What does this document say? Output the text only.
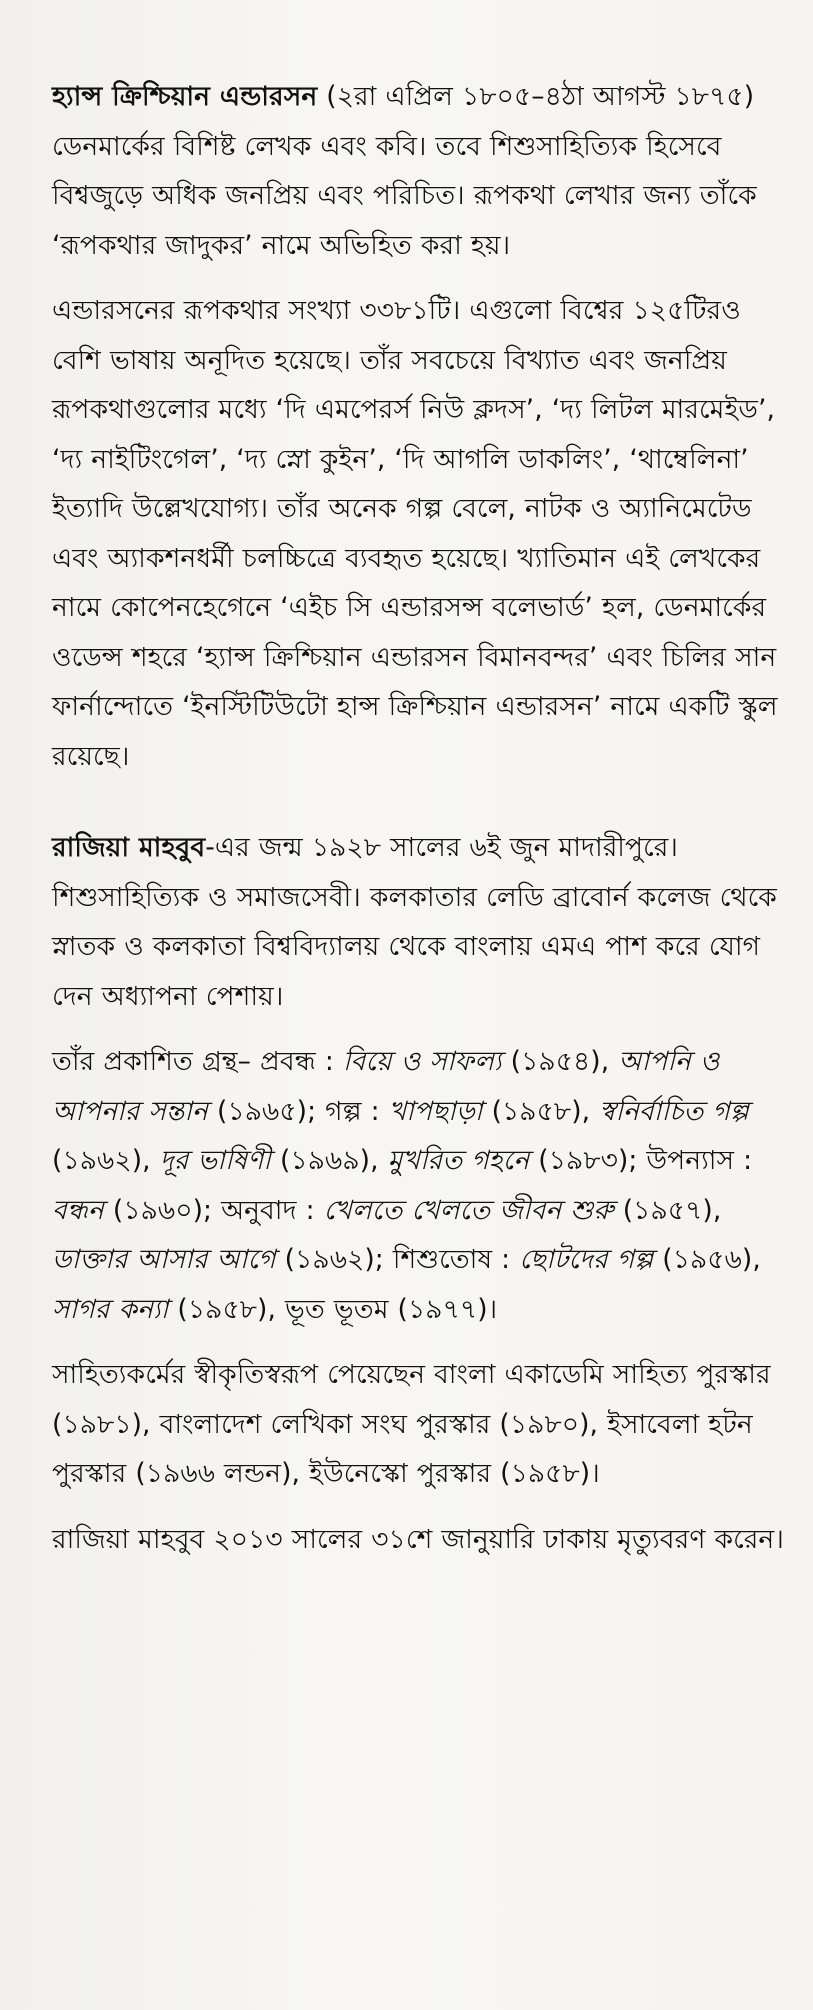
হ্যান্স ক্রিশ্চিয়ান এন্ডারসন (২রা এপ্রিল ১৮০৫–৪ঠা আগস্ট ১৮৭৫) ডেনমার্কের বিশিষ্ট লেখক এবং কবি। তবে শিশুসাহিত্যিক হিসেবে বিশ্বজুড়ে অধিক জনপ্রিয় এবং পরিচিত। রূপকথা লেখার জন্য তাঁকে ‘রূপকথার জাদুকর’ নামে অভিহিত করা হয়।

এন্ডারসনের রূপকথার সংখ্যা ৩৩৮১টি। এগুলো বিশ্বের ১২৫টিরও বেশি ভাষায় অনূদিত হয়েছে। তাঁর সবচেয়ে বিখ্যাত এবং জনপ্রিয় রূপকথাগুলোর মধ্যে ‘দি এমপেরর্স নিউ ক্লদস’, ‘দ্য লিটল মারমেইড’, ‘দ্য নাইটিংগেল’, ‘দ্য স্নো কুইন’, ‘দি আগলি ডাকলিং’, ‘থাম্বেলিনা’ ইত্যাদি উল্লেখযোগ্য। তাঁর অনেক গল্প বেলে, নাটক ও অ্যানিমেটেড এবং অ্যাকশনধর্মী চলচ্চিত্রে ব্যবহৃত হয়েছে। খ্যাতিমান এই লেখকের নামে কোপেনহেগেনে ‘এইচ সি এন্ডারসন্স বলেভার্ড’ হল, ডেনমার্কের ওডেন্স শহরে ‘হ্যান্স ক্রিশ্চিয়ান এন্ডারসন বিমানবন্দর’ এবং চিলির সান ফার্নান্দোতে ‘ইনস্টিটিউটো হান্স ক্রিশ্চিয়ান এন্ডারসন’ নামে একটি স্কুল রয়েছে।

রাজিয়া মাহবুব-এর জন্ম ১৯২৮ সালের ৬ই জুন মাদারীপুরে। শিশুসাহিত্যিক ও সমাজসেবী। কলকাতার লেডি ব্রাবোর্ন কলেজ থেকে স্নাতক ও কলকাতা বিশ্ববিদ্যালয় থেকে বাংলায় এমএ পাশ করে যোগ দেন অধ্যাপনা পেশায়।

তাঁর প্রকাশিত গ্রন্থ– প্রবন্ধ : বিয়ে ও সাফল্য (১৯৫৪), আপনি ও আপনার সন্তান (১৯৬৫); গল্প : খাপছাড়া (১৯৫৮), স্বনির্বাচিত গল্প (১৯৬২), দূর ভাষিণী (১৯৬৯), মুখরিত গহনে (১৯৮৩); উপন্যাস : বন্ধন (১৯৬০); অনুবাদ : খেলতে খেলতে জীবন শুরু (১৯৫৭), ডাক্তার আসার আগে (১৯৬২); শিশুতোষ : ছোটদের গল্প (১৯৫৬), সাগর কন্যা (১৯৫৮), ভূত ভূতম (১৯৭৭)।

সাহিত্যকর্মের স্বীকৃতিস্বরূপ পেয়েছেন বাংলা একাডেমি সাহিত্য পুরস্কার (১৯৮১), বাংলাদেশ লেখিকা সংঘ পুরস্কার (১৯৮০), ইসাবেলা হটন পুরস্কার (১৯৬৬ লন্ডন), ইউনেস্কো পুরস্কার (১৯৫৮)।

রাজিয়া মাহবুব ২০১৩ সালের ৩১শে জানুয়ারি ঢাকায় মৃত্যুবরণ করেন।
